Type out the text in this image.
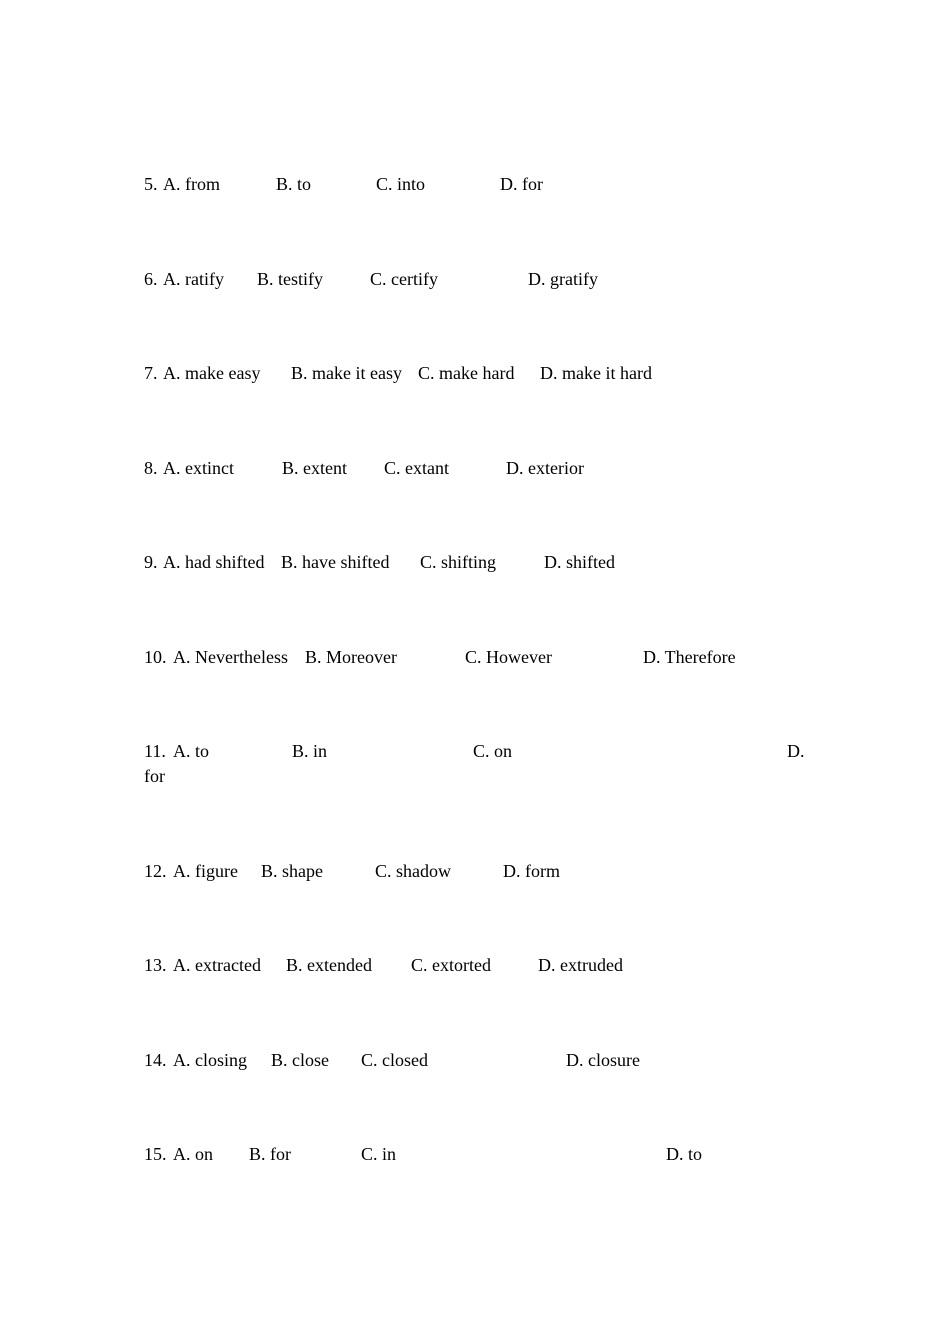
5. A. from	B. to	C. into	D. for
6. A. ratify B. testify	C. certify	D. gratify
7. A. make easy B. make it easy C. make hard D. make it hard
8. A. extinct	B. extent C. extant	D. exterior
9. A. had shifted B. have shifted C. shifting	D. shifted
10. A. Nevertheless B. Moreover	C. However	D. Therefore
11. A. to	B. in	C. on	D.
for
12. A. figure B. shape	C. shadow	D. form
13. A. extracted B. extended C. extorted	D. extruded
14. A. closing B. close C. closed	D. closure
15. A. on B. for	C. in	D. to
